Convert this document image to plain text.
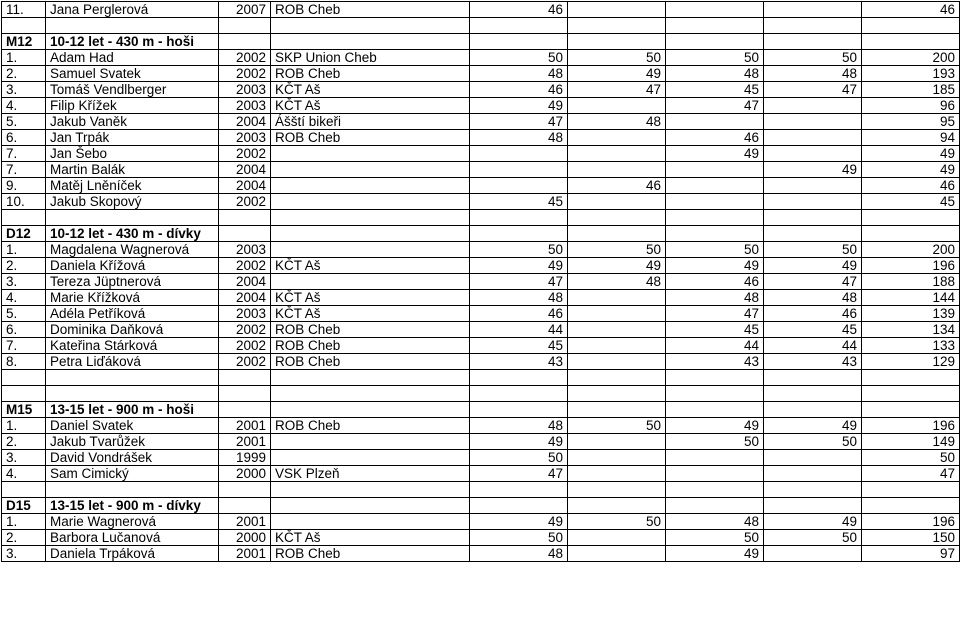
11.	Jana Perglerová	2007	ROB Cheb	46				46

M12	10-12 let - 430 m - hoši							
1.	Adam Had	2002	SKP Union Cheb	50	50	50	50	200
2.	Samuel Svatek	2002	ROB Cheb	48	49	48	48	193
3.	Tomáš Vendlberger	2003	KČT Aš	46	47	45	47	185
4.	Filip Křížek	2003	KČT Aš	49		47		96
5.	Jakub Vaněk	2004	Ášští bikeři	47	48			95
6.	Jan Trpák	2003	ROB Cheb	48		46		94
7.	Jan Šebo	2002				49		49
7.	Martin Balák	2004					49	49
9.	Matěj Lněníček	2004			46			46
10.	Jakub Skopový	2002		45				45

D12	10-12 let - 430 m - dívky							
1.	Magdalena Wagnerová	2003		50	50	50	50	200
2.	Daniela Křížová	2002	KČT Aš	49	49	49	49	196
3.	Tereza Jüptnerová	2004		47	48	46	47	188
4.	Marie Křížková	2004	KČT Aš	48		48	48	144
5.	Adéla Petříková	2003	KČT Aš	46		47	46	139
6.	Dominika Daňková	2002	ROB Cheb	44		45	45	134
7.	Kateřina Stárková	2002	ROB Cheb	45		44	44	133
8.	Petra Liďáková	2002	ROB Cheb	43		43	43	129

M15	13-15 let - 900 m - hoši							
1.	Daniel Svatek	2001	ROB Cheb	48	50	49	49	196
2.	Jakub Tvarůžek	2001		49		50	50	149
3.	David Vondrášek	1999		50				50
4.	Sam Cimický	2000	VSK Plzeň	47				47

D15	13-15 let - 900 m - dívky							
1.	Marie Wagnerová	2001		49	50	48	49	196
2.	Barbora Lučanová	2000	KČT Aš	50		50	50	150
3.	Daniela Trpáková	2001	ROB Cheb	48		49		97
